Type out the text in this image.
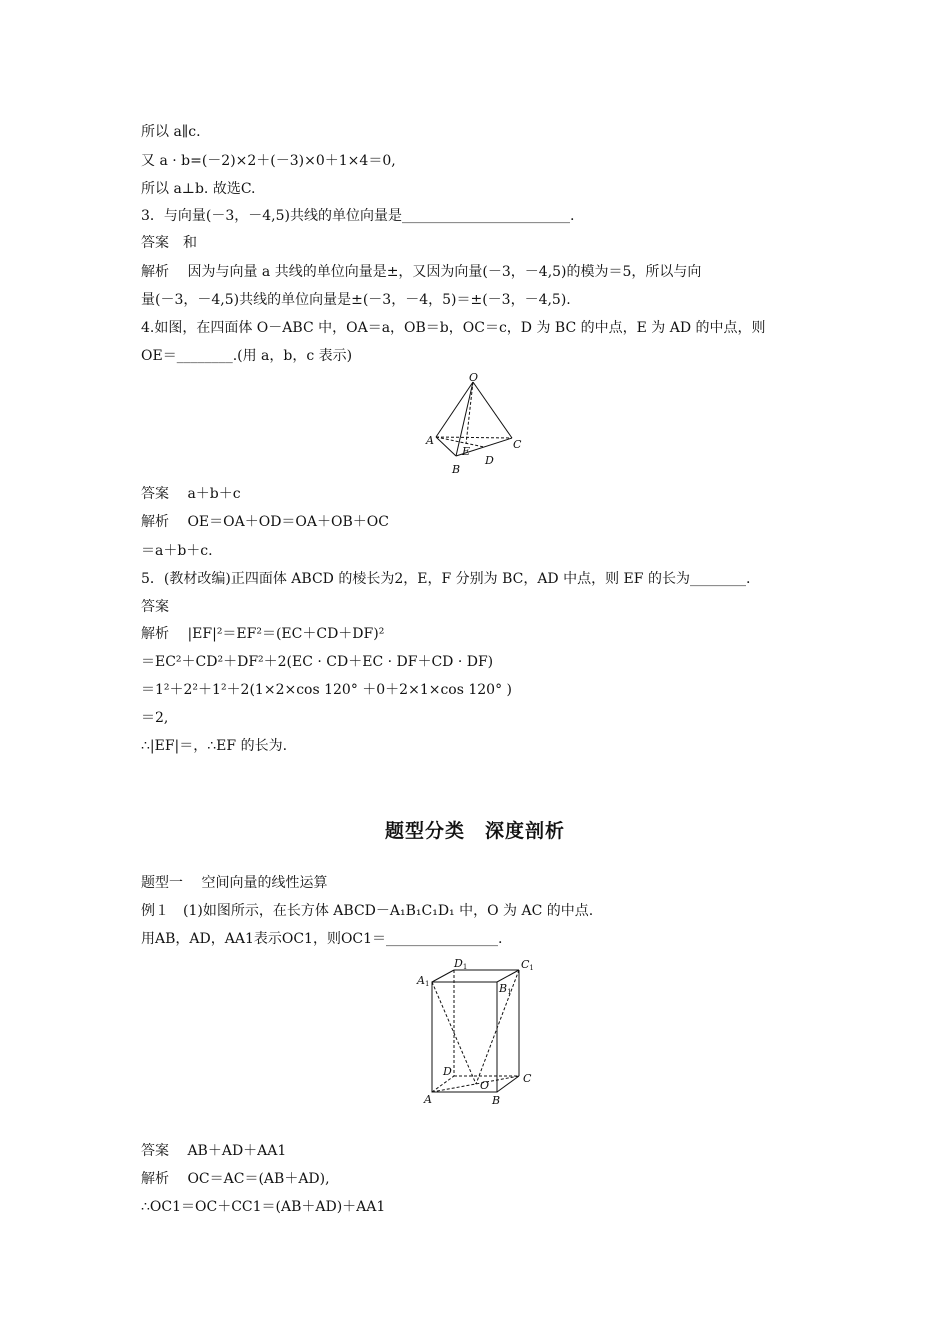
所以 a∥c.
又 a · b=(－2)×2＋(－3)×0＋1×4＝0,
所以 a⊥b. 故选C.
3．与向量(－3，－4,5)共线的单位向量是________________________.
答案　和
解析　 因为与向量 a 共线的单位向量是±，又因为向量(－3，－4,5)的模为＝5，所以与向
量(－3，－4,5)共线的单位向量是±(－3，－4，5)＝±(－3，－4,5).
4.如图，在四面体 O－ABC 中，OA＝a，OB＝b，OC＝c，D 为 BC 的中点，E 为 AD 的中点，则
OE＝________.(用 a，b，c 表示)
O
A
B
C
D
E
答案　 a＋b＋c
解析　 OE＝OA＋OD＝OA＋OB＋OC
＝a＋b＋c.
5．(教材改编)正四面体 ABCD 的棱长为2，E，F 分别为 BC，AD 中点，则 EF 的长为________.
答案
解析　 |EF|²＝EF²＝(EC＋CD＋DF)²
＝EC²＋CD²＋DF²＋2(EC · CD＋EC · DF＋CD · DF)
＝1²＋2²＋1²＋2(1×2×cos 120° ＋0＋2×1×cos 120° )
＝2,
∴|EF|＝，∴EF 的长为.
题型分类　深度剖析
题型一　 空间向量的线性运算
例１　(1)如图所示，在长方体 ABCD－A₁B₁C₁D₁ 中，O 为 AC 的中点.
用AB，AD，AA1表示OC1，则OC1＝________________.
D1	C1
A1	B1
D
C
O
A	B
答案　 AB＋AD＋AA1
解析　 OC＝AC＝(AB＋AD),
∴OC1＝OC＋CC1＝(AB＋AD)＋AA1
